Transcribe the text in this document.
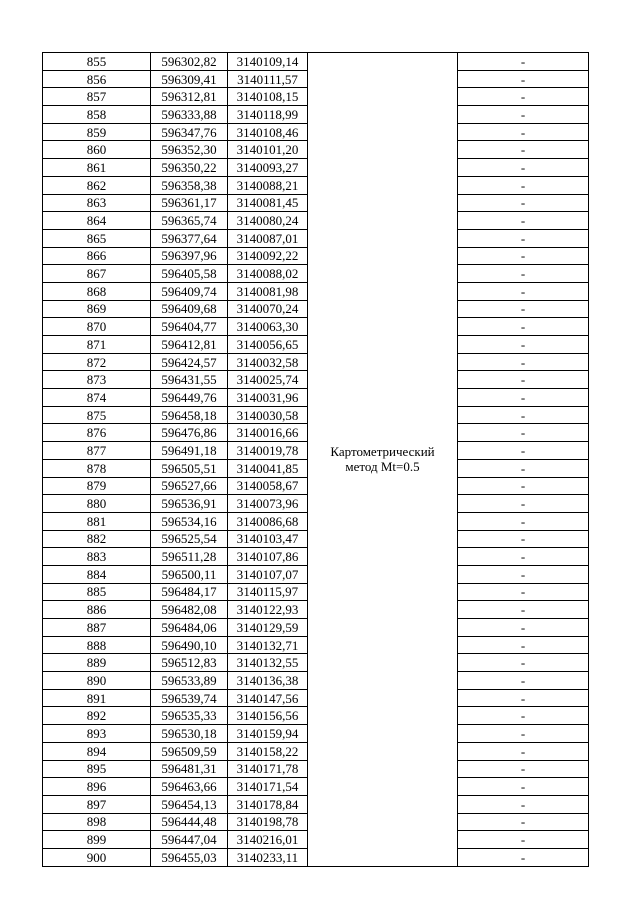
855	596302,82	3140109,14	Картометрический
метод Mt=0.5	-
856	596309,41	3140111,57		-
857	596312,81	3140108,15		-
858	596333,88	3140118,99		-
859	596347,76	3140108,46		-
860	596352,30	3140101,20		-
861	596350,22	3140093,27		-
862	596358,38	3140088,21		-
863	596361,17	3140081,45		-
864	596365,74	3140080,24		-
865	596377,64	3140087,01		-
866	596397,96	3140092,22		-
867	596405,58	3140088,02		-
868	596409,74	3140081,98		-
869	596409,68	3140070,24		-
870	596404,77	3140063,30		-
871	596412,81	3140056,65		-
872	596424,57	3140032,58		-
873	596431,55	3140025,74		-
874	596449,76	3140031,96		-
875	596458,18	3140030,58		-
876	596476,86	3140016,66		-
877	596491,18	3140019,78		-
878	596505,51	3140041,85		-
879	596527,66	3140058,67		-
880	596536,91	3140073,96		-
881	596534,16	3140086,68		-
882	596525,54	3140103,47		-
883	596511,28	3140107,86		-
884	596500,11	3140107,07		-
885	596484,17	3140115,97		-
886	596482,08	3140122,93		-
887	596484,06	3140129,59		-
888	596490,10	3140132,71		-
889	596512,83	3140132,55		-
890	596533,89	3140136,38		-
891	596539,74	3140147,56		-
892	596535,33	3140156,56		-
893	596530,18	3140159,94		-
894	596509,59	3140158,22		-
895	596481,31	3140171,78		-
896	596463,66	3140171,54		-
897	596454,13	3140178,84		-
898	596444,48	3140198,78		-
899	596447,04	3140216,01		-
900	596455,03	3140233,11		-
